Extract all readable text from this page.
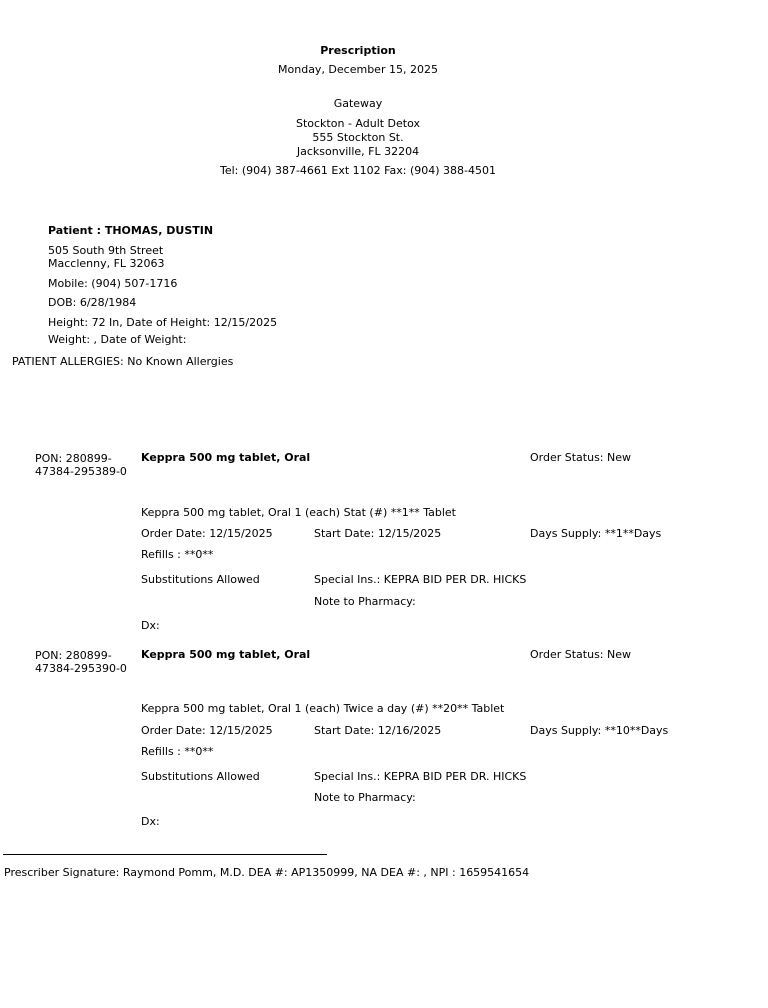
Prescription
Monday, December 15, 2025
Gateway
Stockton - Adult Detox
555 Stockton St.
Jacksonville, FL 32204
Tel: (904) 387-4661 Ext 1102 Fax: (904) 388-4501
Patient : THOMAS, DUSTIN
505 South 9th Street
Macclenny, FL 32063
Mobile: (904) 507-1716
DOB: 6/28/1984
Height: 72 In, Date of Height: 12/15/2025
Weight: , Date of Weight:
PATIENT ALLERGIES: No Known Allergies
PON: 280899-47384-295389-0
Keppra 500 mg tablet, Oral	Order Status: New
Keppra 500 mg tablet, Oral 1 (each) Stat (#) **1** Tablet
Order Date: 12/15/2025	Start Date: 12/15/2025	Days Supply: **1**Days
Refills : **0**
Substitutions Allowed	Special Ins.: KEPRA BID PER DR. HICKS
Note to Pharmacy:
Dx:
PON: 280899-47384-295390-0
Keppra 500 mg tablet, Oral	Order Status: New
Keppra 500 mg tablet, Oral 1 (each) Twice a day (#) **20** Tablet
Order Date: 12/15/2025	Start Date: 12/16/2025	Days Supply: **10**Days
Refills : **0**
Substitutions Allowed	Special Ins.: KEPRA BID PER DR. HICKS
Note to Pharmacy:
Dx:
Prescriber Signature: Raymond Pomm, M.D. DEA #: AP1350999, NA DEA #: , NPI : 1659541654
